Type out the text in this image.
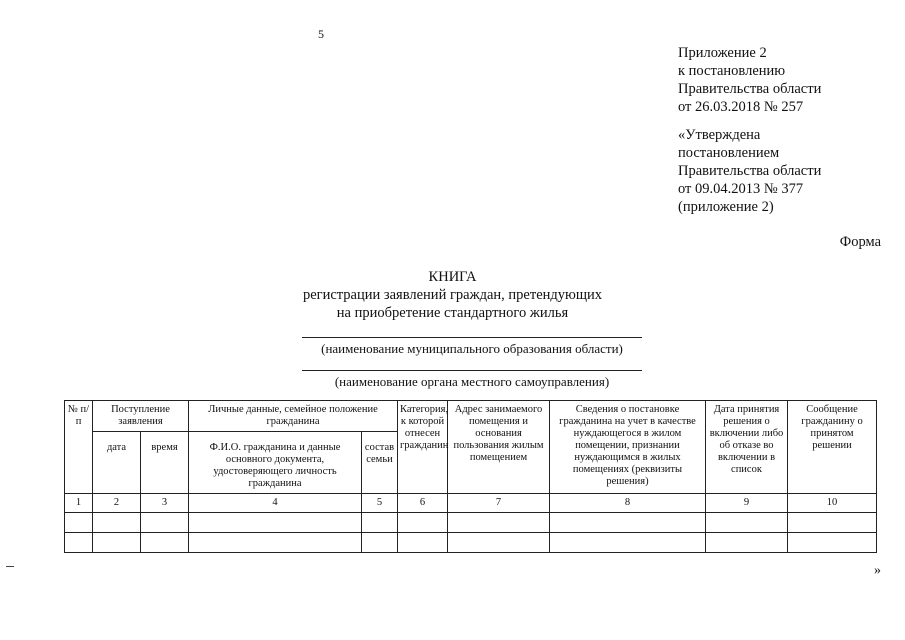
5
Приложение 2
к постановлению
Правительства области
от 26.03.2018 № 257
«Утверждена
постановлением
Правительства области
от 09.04.2013 № 377
(приложение 2)
Форма
КНИГА
регистрации заявлений граждан, претендующих
на приобретение стандартного жилья
(наименование муниципального образования области)
(наименование органа местного самоуправления)
№ п/п	Поступление заявления		Личные данные, семейное положение гражданина		Категория, к которой отнесен гражданин	Адрес занимаемого помещения и основания пользования жилым помещением	Сведения о постановке гражданина на учет в качестве нуждающегося в жилом помещении, признании нуждающимся в жилых помещениях (реквизиты решения)	Дата принятия решения о включении либо об отказе во включении в список	Сообщение гражданину о принятом решении
	дата	время	Ф.И.О. гражданина и данные основного документа, удостоверяющего личность гражданина	состав семьи					
1	2	3	4	5	6	7	8	9	10

»
